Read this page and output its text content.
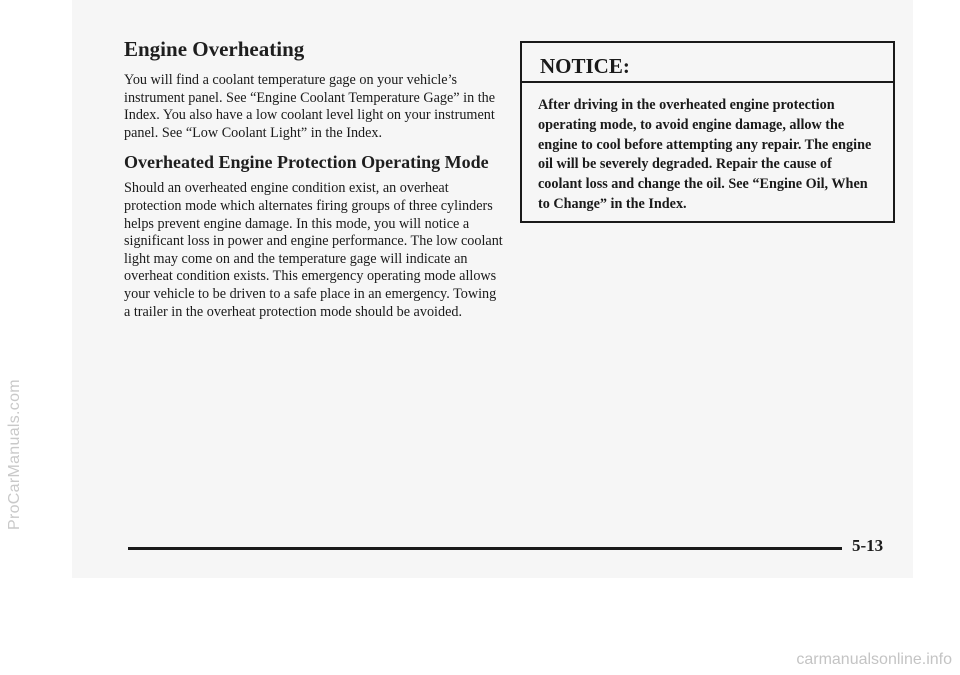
ProCarManuals.com
Engine Overheating

You will find a coolant temperature gage on your vehicle’s instrument panel. See “Engine Coolant Temperature Gage” in the Index. You also have a low coolant level light on your instrument panel. See “Low Coolant Light” in the Index.

Overheated Engine Protection Operating Mode

Should an overheated engine condition exist, an overheat protection mode which alternates firing groups of three cylinders helps prevent engine damage. In this mode, you will notice a significant loss in power and engine performance. The low coolant light may come on and the temperature gage will indicate an overheat condition exists. This emergency operating mode allows your vehicle to be driven to a safe place in an emergency. Towing a trailer in the overheat protection mode should be avoided.

NOTICE:
After driving in the overheated engine protection operating mode, to avoid engine damage, allow the engine to cool before attempting any repair. The engine oil will be severely degraded. Repair the cause of coolant loss and change the oil. See “Engine Oil, When to Change” in the Index.
5-13
carmanualsonline.info
